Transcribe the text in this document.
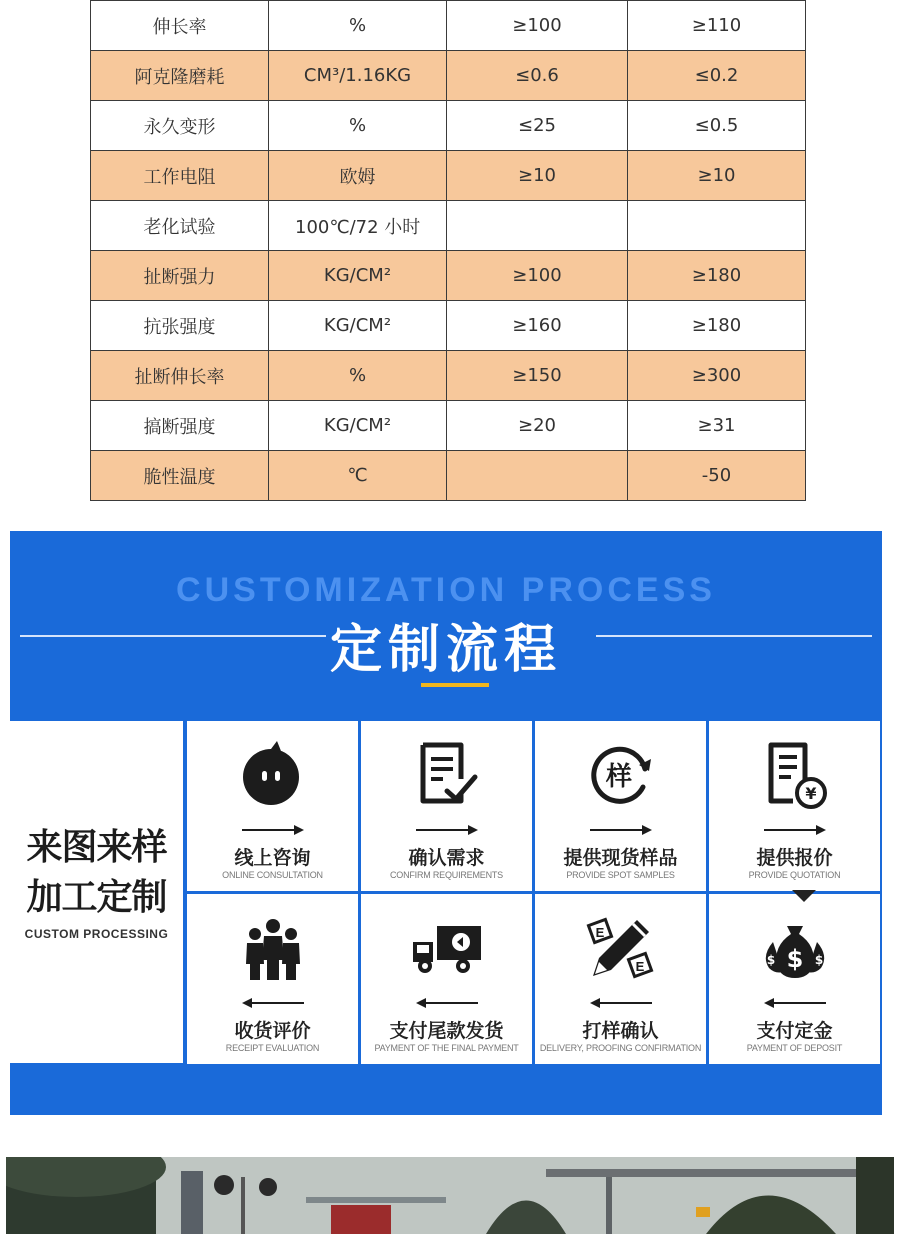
伸长率	%	≥100	≥110
阿克隆磨耗	CM³/1.16KG	≤0.6	≤0.2
永久变形	%	≤25	≤0.5
工作电阻	欧姆	≥10	≥10
老化试验	100℃/72 小时		
扯断强力	KG/CM²	≥100	≥180
抗张强度	KG/CM²	≥160	≥180
扯断伸长率	%	≥150	≥300
搞断强度	KG/CM²	≥20	≥31
脆性温度	℃		-50
CUSTOMIZATION PROCESS
定制流程
来图来样
加工定制
CUSTOM PROCESSING
线上咨询
ONLINE CONSULTATION
确认需求
CONFIRM REQUIREMENTS
样
提供现货样品
PROVIDE SPOT SAMPLES
¥
提供报价
PROVIDE QUOTATION
收货评价
RECEIPT EVALUATION
支付尾款发货
PAYMENT OF THE FINAL PAYMENT
E
E
打样确认
DELIVERY, PROOFING CONFIRMATION
$
$	$
支付定金
PAYMENT OF DEPOSIT
